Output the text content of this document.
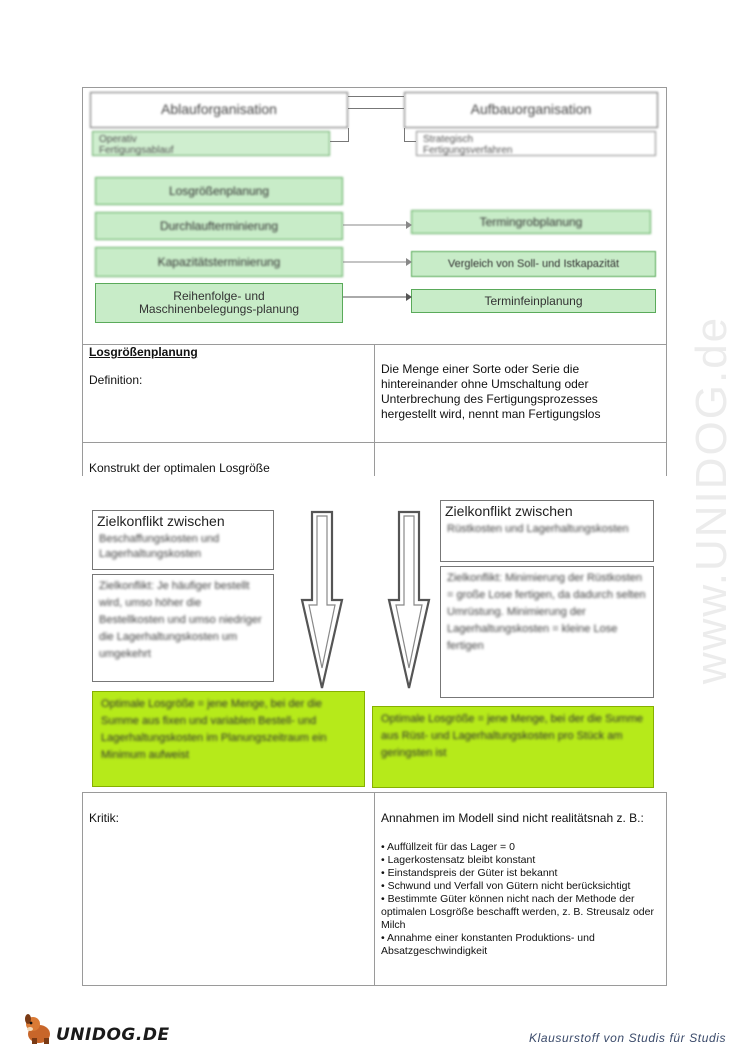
Ablauforganisation	Aufbauorganisation
Operativ
Fertigungsablauf
Strategisch
Fertigungsverfahren
Losgrößenplanung
Durchlaufterminierung
Kapazitätsterminierung
Reihenfolge- und Maschinenbelegungs-planung
Termingrobplanung
Vergleich von Soll- und Istkapazität
Terminfeinplanung
Losgrößenplanung
Definition:
Die Menge einer Sorte oder Serie die hintereinander ohne Umschaltung oder Unterbrechung des Fertigungsprozesses hergestellt wird, nennt man Fertigungslos
Konstrukt der optimalen Losgröße
Zielkonflikt zwischen
Beschaffungskosten und Lagerhaltungskosten
Zielkonflikt: Je häufiger bestellt wird, umso höher die Bestellkosten und umso niedriger die Lagerhaltungskosten um umgekehrt
Optimale Losgröße = jene Menge, bei der die Summe aus fixen und variablen Bestell- und Lagerhaltungskosten im Planungszeitraum ein Minimum aufweist
Zielkonflikt zwischen
Rüstkosten und Lagerhaltungskosten
Zielkonflikt: Minimierung der Rüstkosten = große Lose fertigen, da dadurch selten Umrüstung. Minimierung der Lagerhaltungskosten = kleine Lose fertigen
Optimale Losgröße = jene Menge, bei der die Summe aus Rüst- und Lagerhaltungskosten pro Stück am geringsten ist
Kritik:	Annahmen im Modell sind nicht realitätsnah z. B.:
• Auffüllzeit für das Lager = 0
• Lagerkostensatz bleibt konstant
• Einstandspreis der Güter ist bekannt
• Schwund und Verfall von Gütern nicht berücksichtigt
• Bestimmte Güter können nicht nach der Methode der optimalen Losgröße beschafft werden, z. B. Streusalz oder Milch
• Annahme einer konstanten Produktions- und Absatzgeschwindigkeit
www.UNIDOG.de
UNIDOG.DE	Klausurstoff von Studis für Studis
